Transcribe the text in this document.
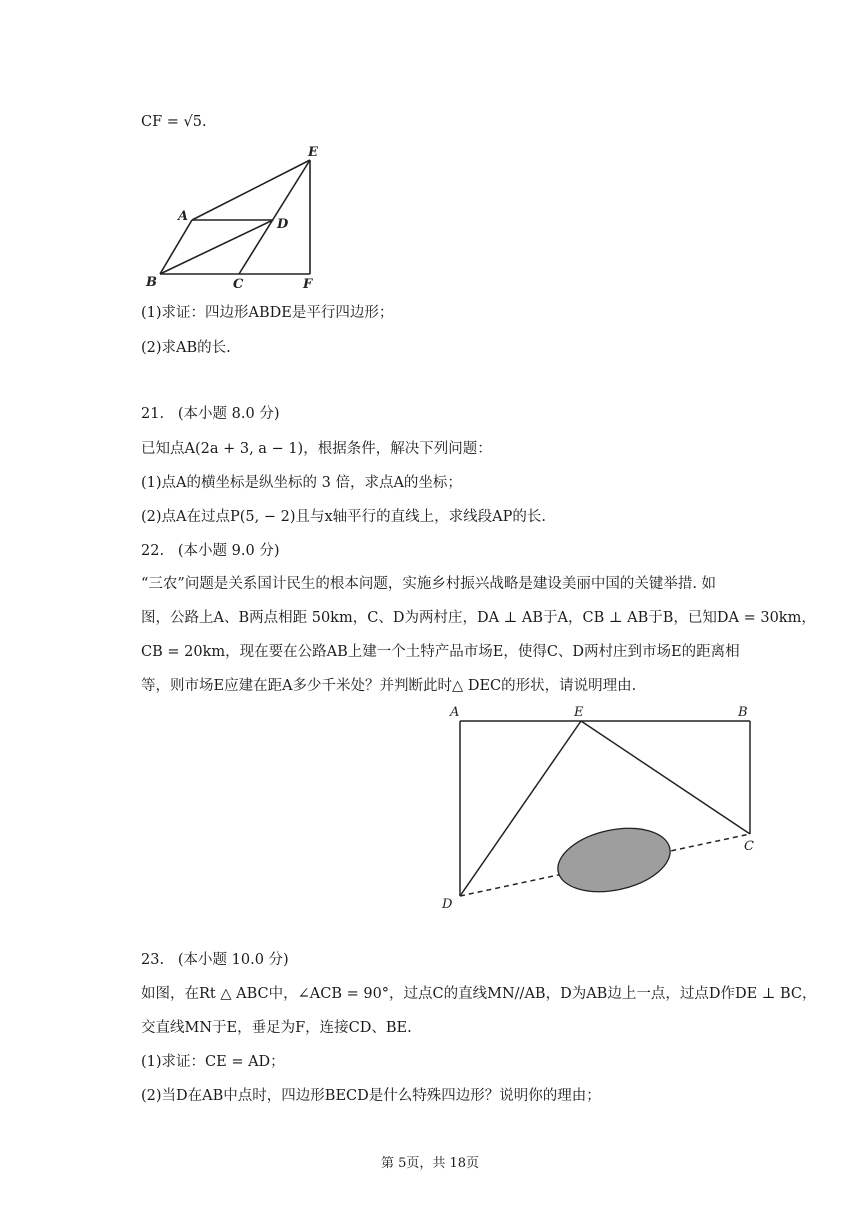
CF = √5.
E
A
D
B	C	F
(1)求证：四边形ABDE是平行四边形；
(2)求AB的长.
21.   (本小题 8.0 分)
已知点A(2a + 3, a − 1)，根据条件，解决下列问题：
(1)点A的横坐标是纵坐标的 3 倍，求点A的坐标；
(2)点A在过点P(5, − 2)且与x轴平行的直线上，求线段AP的长.
22.   (本小题 9.0 分)
“三农”问题是关系国计民生的根本问题，实施乡村振兴战略是建设美丽中国的关键举措. 如
图，公路上A、B两点相距 50km，C、D为两村庄，DA ⊥ AB于A，CB ⊥ AB于B，已知DA = 30km，
CB = 20km，现在要在公路AB上建一个土特产品市场E，使得C、D两村庄到市场E的距离相
等，则市场E应建在距A多少千米处？并判断此时△ DEC的形状，请说明理由.
A	E	B
C
D
23.   (本小题 10.0 分)
如图，在Rt △ ABC中，∠ACB = 90°，过点C的直线MN//AB，D为AB边上一点，过点D作DE ⊥ BC，
交直线MN于E，垂足为F，连接CD、BE.
(1)求证：CE = AD；
(2)当D在AB中点时，四边形BECD是什么特殊四边形？说明你的理由；
第 5页，共 18页
